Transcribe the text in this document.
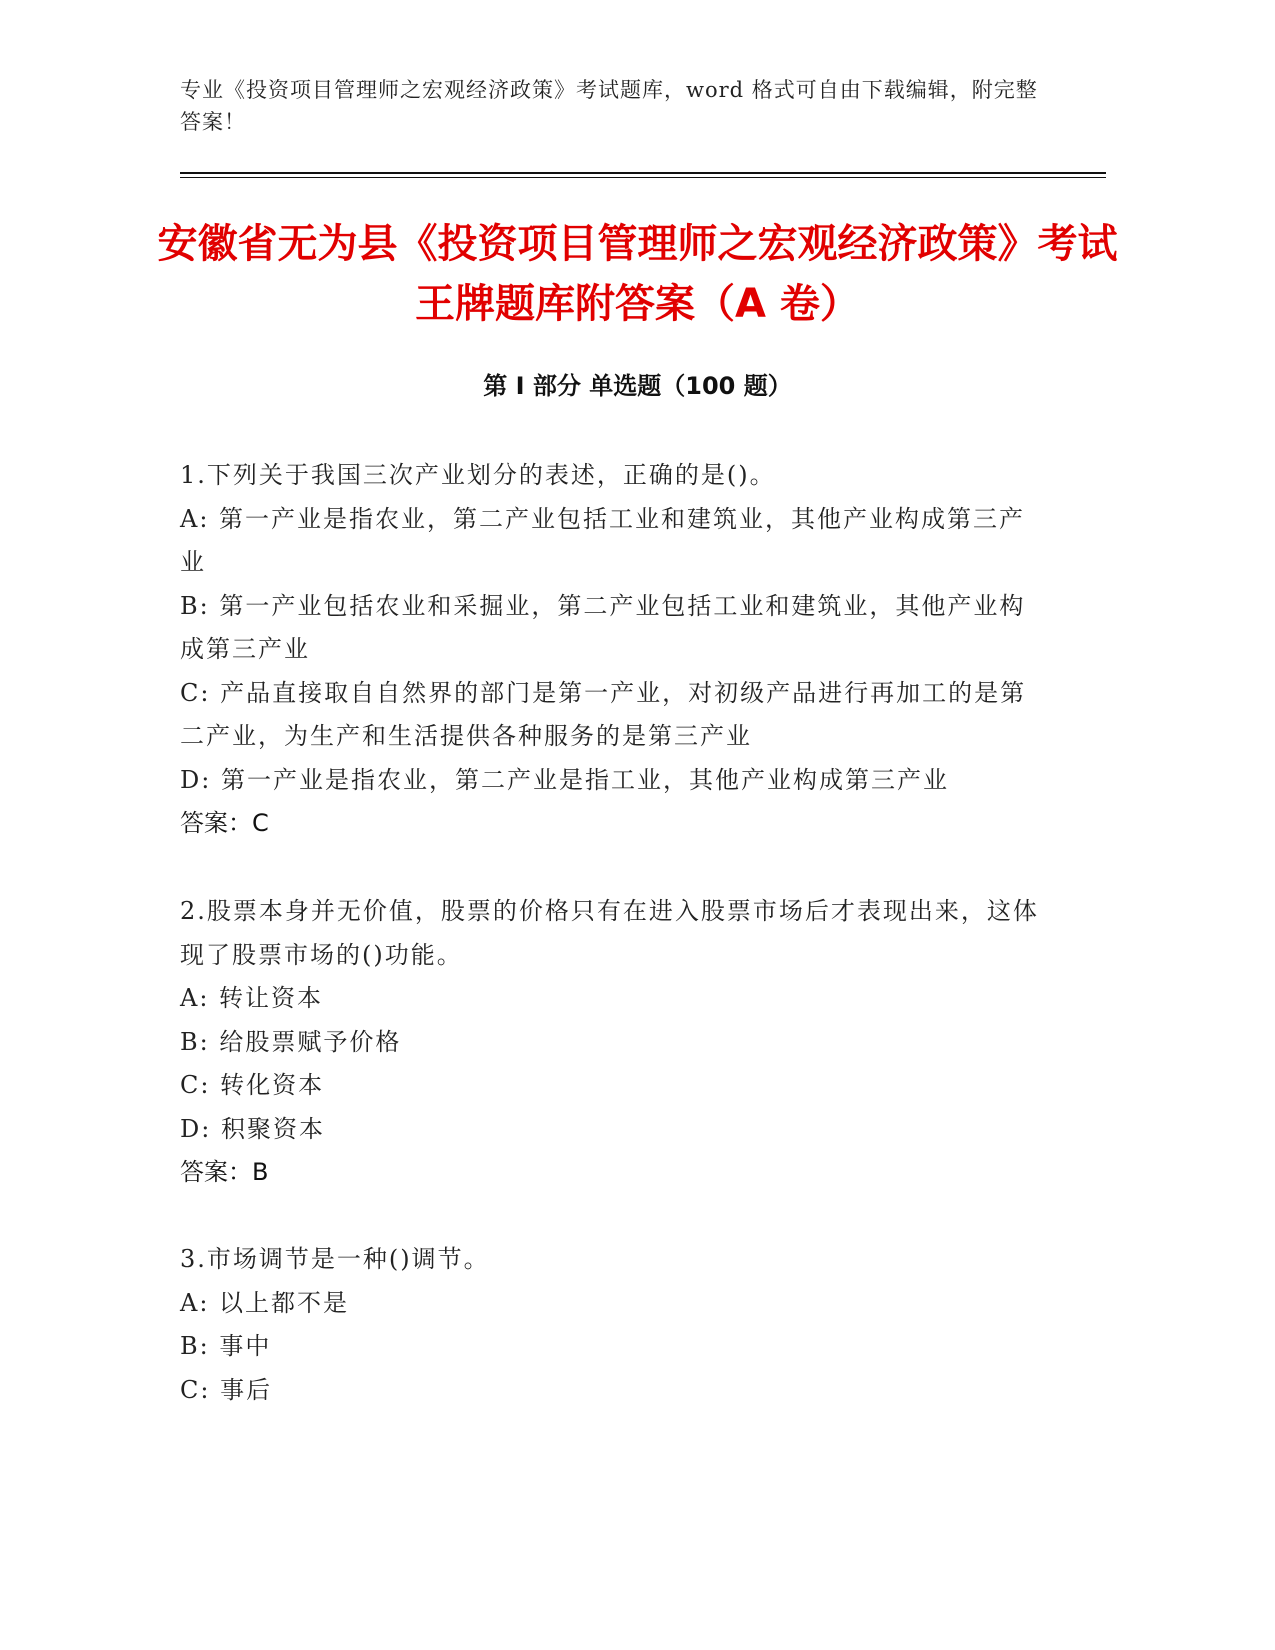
专业《投资项目管理师之宏观经济政策》考试题库，word 格式可自由下载编辑，附完整答案！
安徽省无为县《投资项目管理师之宏观经济政策》考试王牌题库附答案（A 卷）
第 I 部分 单选题（100 题）

1.下列关于我国三次产业划分的表述，正确的是()。

A: 第一产业是指农业，第二产业包括工业和建筑业，其他产业构成第三产业

B: 第一产业包括农业和采掘业，第二产业包括工业和建筑业，其他产业构成第三产业

C: 产品直接取自自然界的部门是第一产业，对初级产品进行再加工的是第二产业，为生产和生活提供各种服务的是第三产业

D: 第一产业是指农业，第二产业是指工业，其他产业构成第三产业

答案：C

2.股票本身并无价值，股票的价格只有在进入股票市场后才表现出来，这体现了股票市场的()功能。

A: 转让资本

B: 给股票赋予价格

C: 转化资本

D: 积聚资本

答案：B

3.市场调节是一种()调节。

A: 以上都不是

B: 事中

C: 事后
